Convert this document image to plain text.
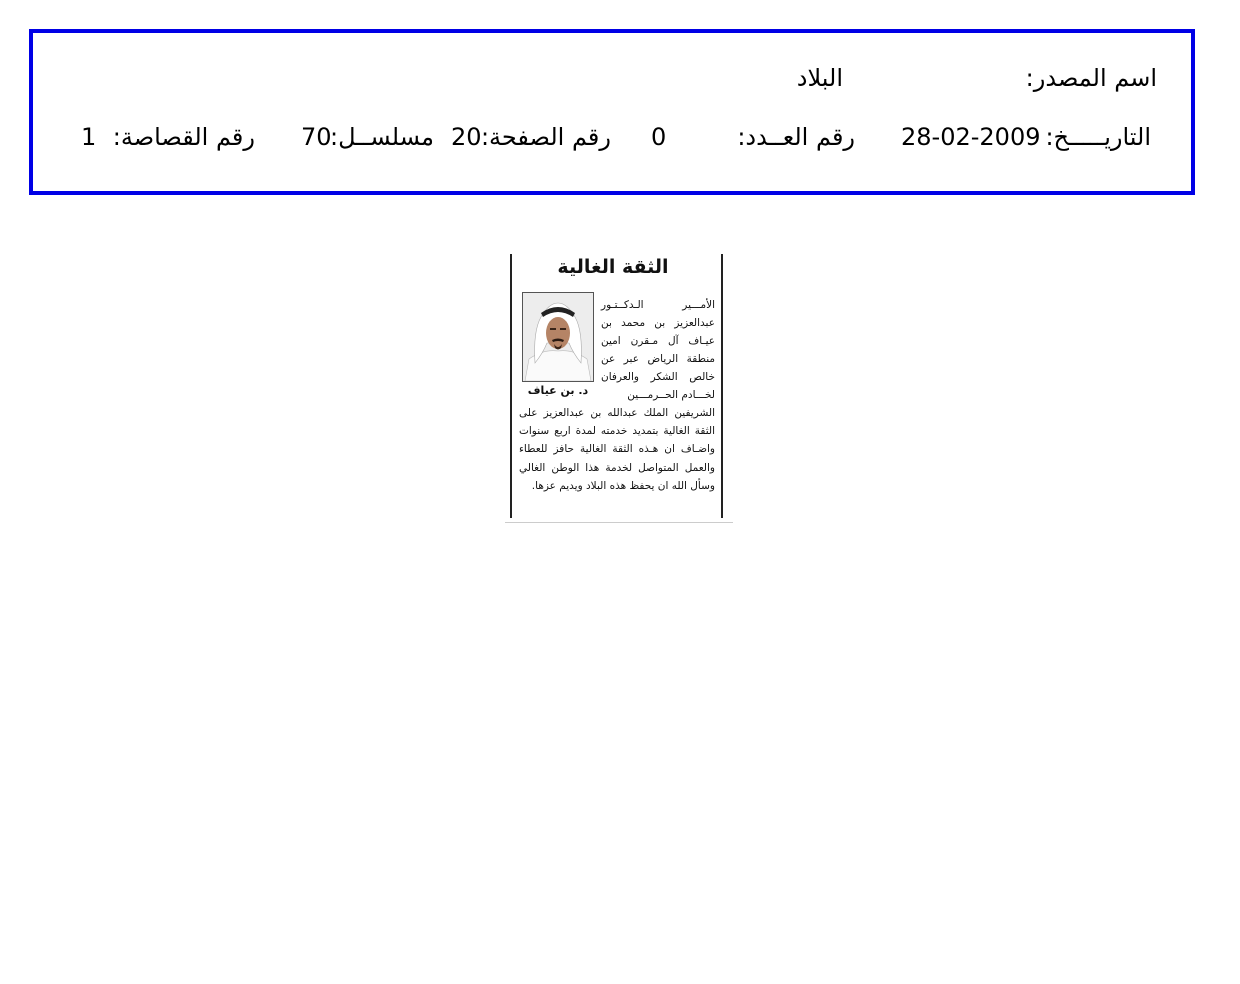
اسم المصدر:
البلاد
التاريـــــخ:
28-02-2009
رقم العــدد:
0
رقم الصفحة:
20
مسلســل:
70
رقم القصاصة:
1
الثقة الغالية
د. بن عياف
الأمـــير الـدكــتـور عبدالعزيز بن محمد بن عيـاف آل مـقرن امين منطقة الرياض عبر عن خالص الشكر والعرفان لخـــادم الحــرمـــين
الشريفين الملك عبدالله بن عبدالعزيز على الثقة الغالية بتمديد خدمته لمدة اربع سنوات واضـاف ان هـذه الثقة الغالية حافز للعطاء والعمل المتواصل لخدمة هذا الوطن الغالي وسأل الله ان يحفظ هذه البلاد ويديم عزها.
